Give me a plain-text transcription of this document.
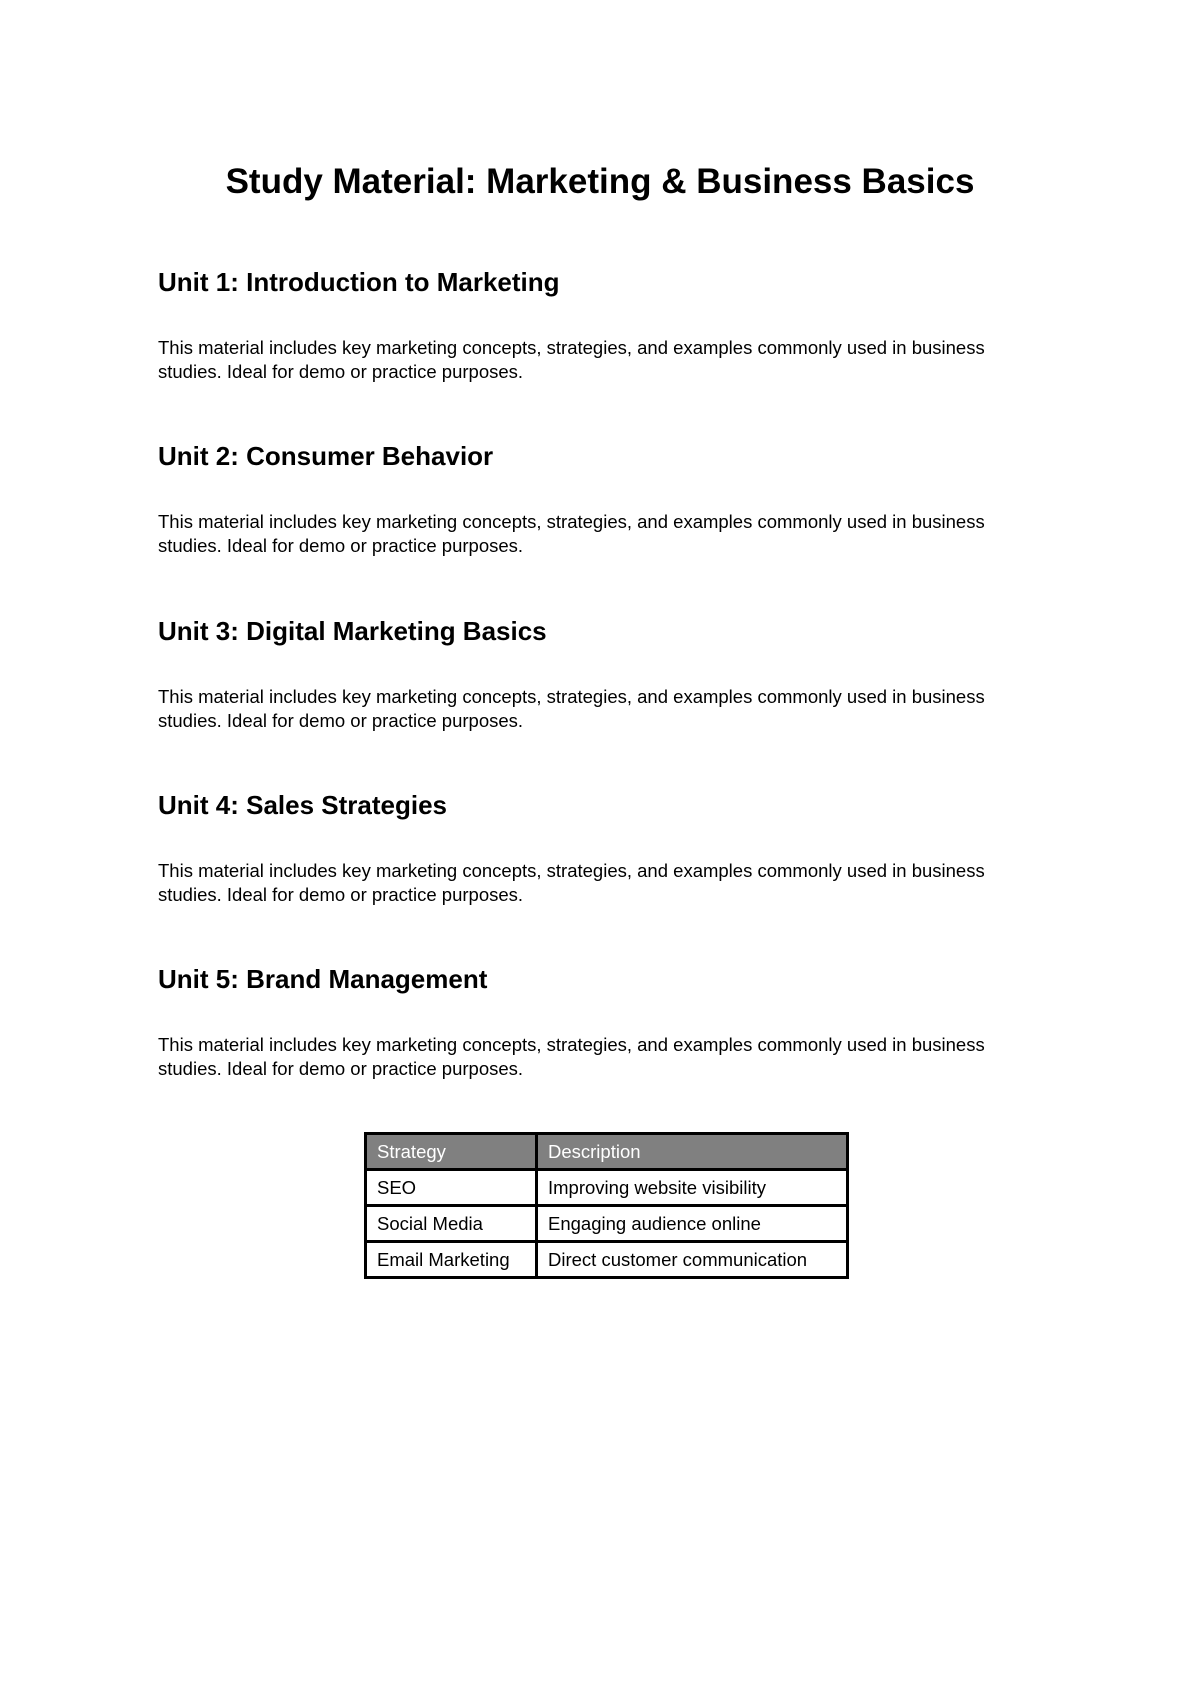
Study Material: Marketing & Business Basics
Unit 1: Introduction to Marketing

This material includes key marketing concepts, strategies, and examples commonly used in business studies. Ideal for demo or practice purposes.

Unit 2: Consumer Behavior

This material includes key marketing concepts, strategies, and examples commonly used in business studies. Ideal for demo or practice purposes.

Unit 3: Digital Marketing Basics

This material includes key marketing concepts, strategies, and examples commonly used in business studies. Ideal for demo or practice purposes.

Unit 4: Sales Strategies

This material includes key marketing concepts, strategies, and examples commonly used in business studies. Ideal for demo or practice purposes.

Unit 5: Brand Management

This material includes key marketing concepts, strategies, and examples commonly used in business studies. Ideal for demo or practice purposes.

Strategy	Description
SEO	Improving website visibility
Social Media	Engaging audience online
Email Marketing	Direct customer communication
